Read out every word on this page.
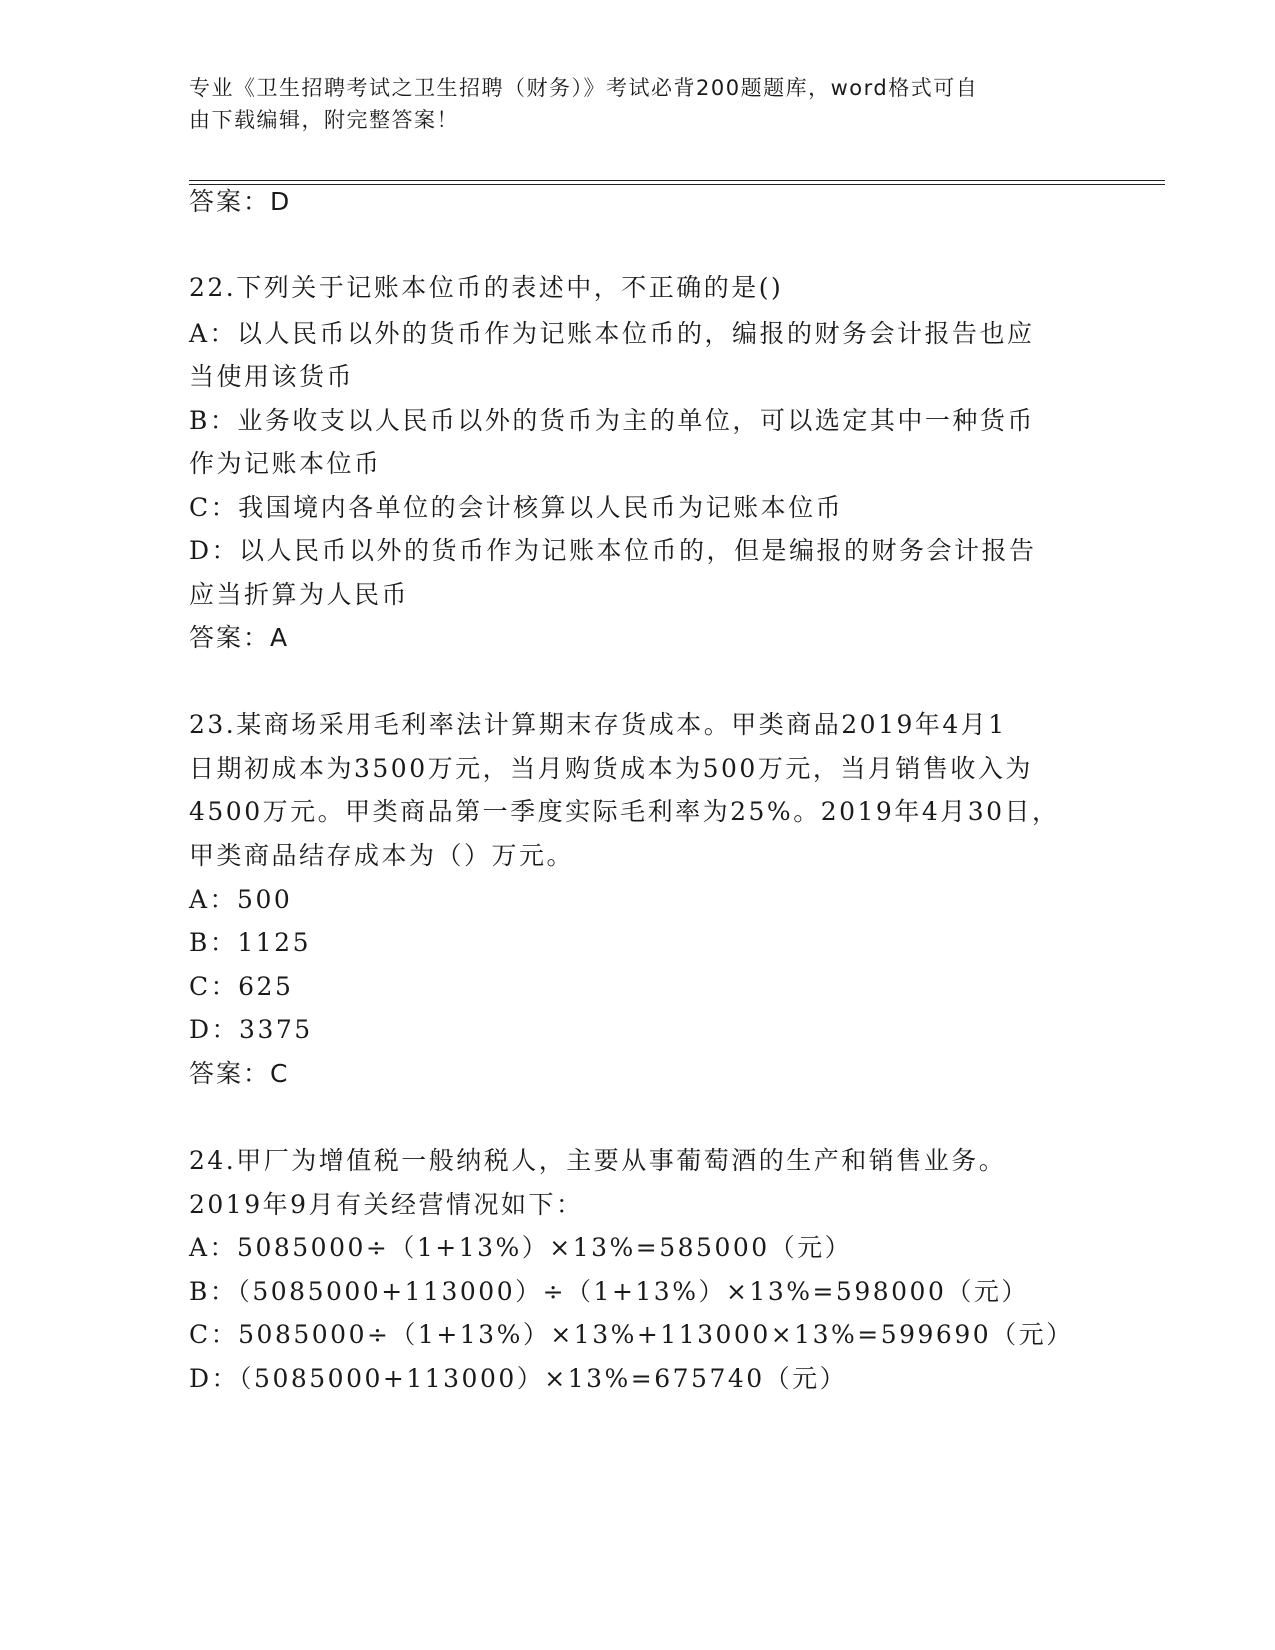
专业《卫生招聘考试之卫生招聘（财务）》考试必背200题题库，word格式可自
由下载编辑，附完整答案！
答案：D
22.下列关于记账本位币的表述中，不正确的是()
A：以人民币以外的货币作为记账本位币的，编报的财务会计报告也应
当使用该货币
B：业务收支以人民币以外的货币为主的单位，可以选定其中一种货币
作为记账本位币
C：我国境内各单位的会计核算以人民币为记账本位币
D：以人民币以外的货币作为记账本位币的，但是编报的财务会计报告
应当折算为人民币
答案：A
23.某商场采用毛利率法计算期末存货成本。甲类商品2019年4月1
日期初成本为3500万元，当月购货成本为500万元，当月销售收入为
4500万元。甲类商品第一季度实际毛利率为25%。2019年4月30日，
甲类商品结存成本为（）万元。
A：500
B：1125
C：625
D：3375
答案：C
24.甲厂为增值税一般纳税人，主要从事葡萄酒的生产和销售业务。
2019年9月有关经营情况如下：
A：5085000÷（1+13%）×13%=585000（元）
B：（5085000+113000）÷（1+13%）×13%=598000（元）
C：5085000÷（1+13%）×13%+113000×13%=599690（元）
D：（5085000+113000）×13%=675740（元）
